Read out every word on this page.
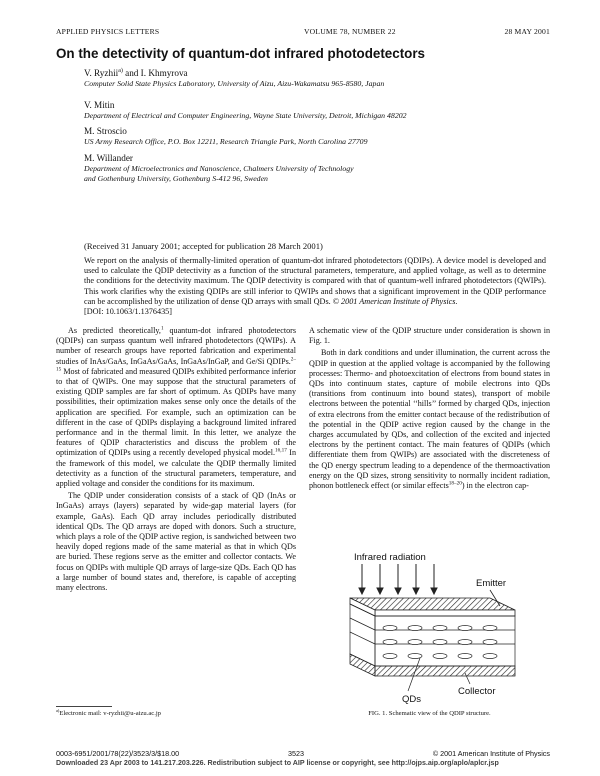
APPLIED PHYSICS LETTERS	VOLUME 78, NUMBER 22	28 MAY 2001
On the detectivity of quantum-dot infrared photodetectors
V. Ryzhii$^{a)}$ and I. Khmyrova
Computer Solid State Physics Laboratory, University of Aizu, Aizu-Wakamatsu 965-8580, Japan
V. Mitin
Department of Electrical and Computer Engineering, Wayne State University, Detroit, Michigan 48202
M. Stroscio
US Army Research Office, P.O. Box 12211, Research Triangle Park, North Carolina 27709
M. Willander
Department of Microelectronics and Nanoscience, Chalmers University of Technology
and Gothenburg University, Gothenburg S-412 96, Sweden
(Received 31 January 2001; accepted for publication 28 March 2001)
We report on the analysis of thermally-limited operation of quantum-dot infrared photodetectors (QDIPs). A device model is developed and used to calculate the QDIP detectivity as a function of the structural parameters, temperature, and applied voltage, as well as to determine the conditions for the detectivity maximum. The QDIP detectivity is compared with that of quantum-well infrared photodetectors (QWIPs). This work clarifies why the existing QDIPs are still inferior to QWIPs and shows that a significant improvement in the QDIP performance can be accomplished by the utilization of dense QD arrays with small QDs. © 2001 American Institute of Physics.
[DOI: 10.1063/1.1376435]

As predicted theoretically,$^1$ quantum-dot infrared photodetectors (QDIPs) can surpass quantum well infrared photodetectors (QWIPs). A number of research groups have reported fabrication and experimental studies of InAs/GaAs, InGaAs/GaAs, InGaAs/InGaP, and Ge/Si QDIPs.$^{2-15}$ Most of fabricated and measured QDIPs exhibited performance inferior to that of QWIPs. One may suppose that the structural parameters of existing QDIP samples are far short of optimum. As QDIPs have many possibilities, their optimization makes sense only once the details of the application are specified. For example, such an optimization can be different in the case of QDIPs displaying a background limited infrared performance and in the thermal limit. In this letter, we analyze the features of QDIP characteristics and discuss the problem of the optimization of QDIPs using a recently developed physical model.$^{16,17}$ In the framework of this model, we calculate the QDIP thermally limited detectivity as a function of the structural parameters, temperature, and applied voltage and consider the conditions for its maximum.

The QDIP under consideration consists of a stack of QD (InAs or InGaAs) arrays (layers) separated by wide-gap material layers (for example, GaAs). Each QD array includes periodically distributed identical QDs. The QD arrays are doped with donors. Such a structure, which plays a role of the QDIP active region, is sandwiched between two heavily doped regions made of the same material as that in which QDs are buried. These regions serve as the emitter and collector contacts. We focus on QDIPs with multiple QD arrays of large-size QDs. Each QD has a large number of bound states and, therefore, is capable of accepting many electrons.

A schematic view of the QDIP structure under consideration is shown in Fig. 1.

Both in dark conditions and under illumination, the current across the QDIP in question at the applied voltage is accompanied by the following processes: Thermo- and photoexcitation of electrons from bound states in QDs into continuum states, capture of mobile electrons into QDs (transitions from continuum into bound states), transport of mobile electrons between the potential ‘‘hills’’ formed by charged QDs, injection of extra electrons from the emitter contact because of the redistribution of the potential in the QDIP active region caused by the change in the charges accumulated by QDs, and collection of the excited and injected electrons by the pertinent contact. The main features of QDIPs (which differentiate them from QWIPs) are associated with the discreteness of the QD energy spectrum leading to a dependence of the thermoactivation energy on the QD sizes, strong sensitivity to normally incident radiation, phonon bottleneck effect (or similar effects$^{18-20}$) in the electron cap-

Infrared radiation
Emitter
QDs
Collector
$^{a)}$Electronic mail: v-ryzhii@u-aizu.ac.jp	FIG. 1. Schematic view of the QDIP structure.
0003-6951/2001/78(22)/3523/3/$18.00	3523	© 2001 American Institute of Physics
Downloaded 23 Apr 2003 to 141.217.203.226. Redistribution subject to AIP license or copyright, see http://ojps.aip.org/aplo/aplcr.jsp
